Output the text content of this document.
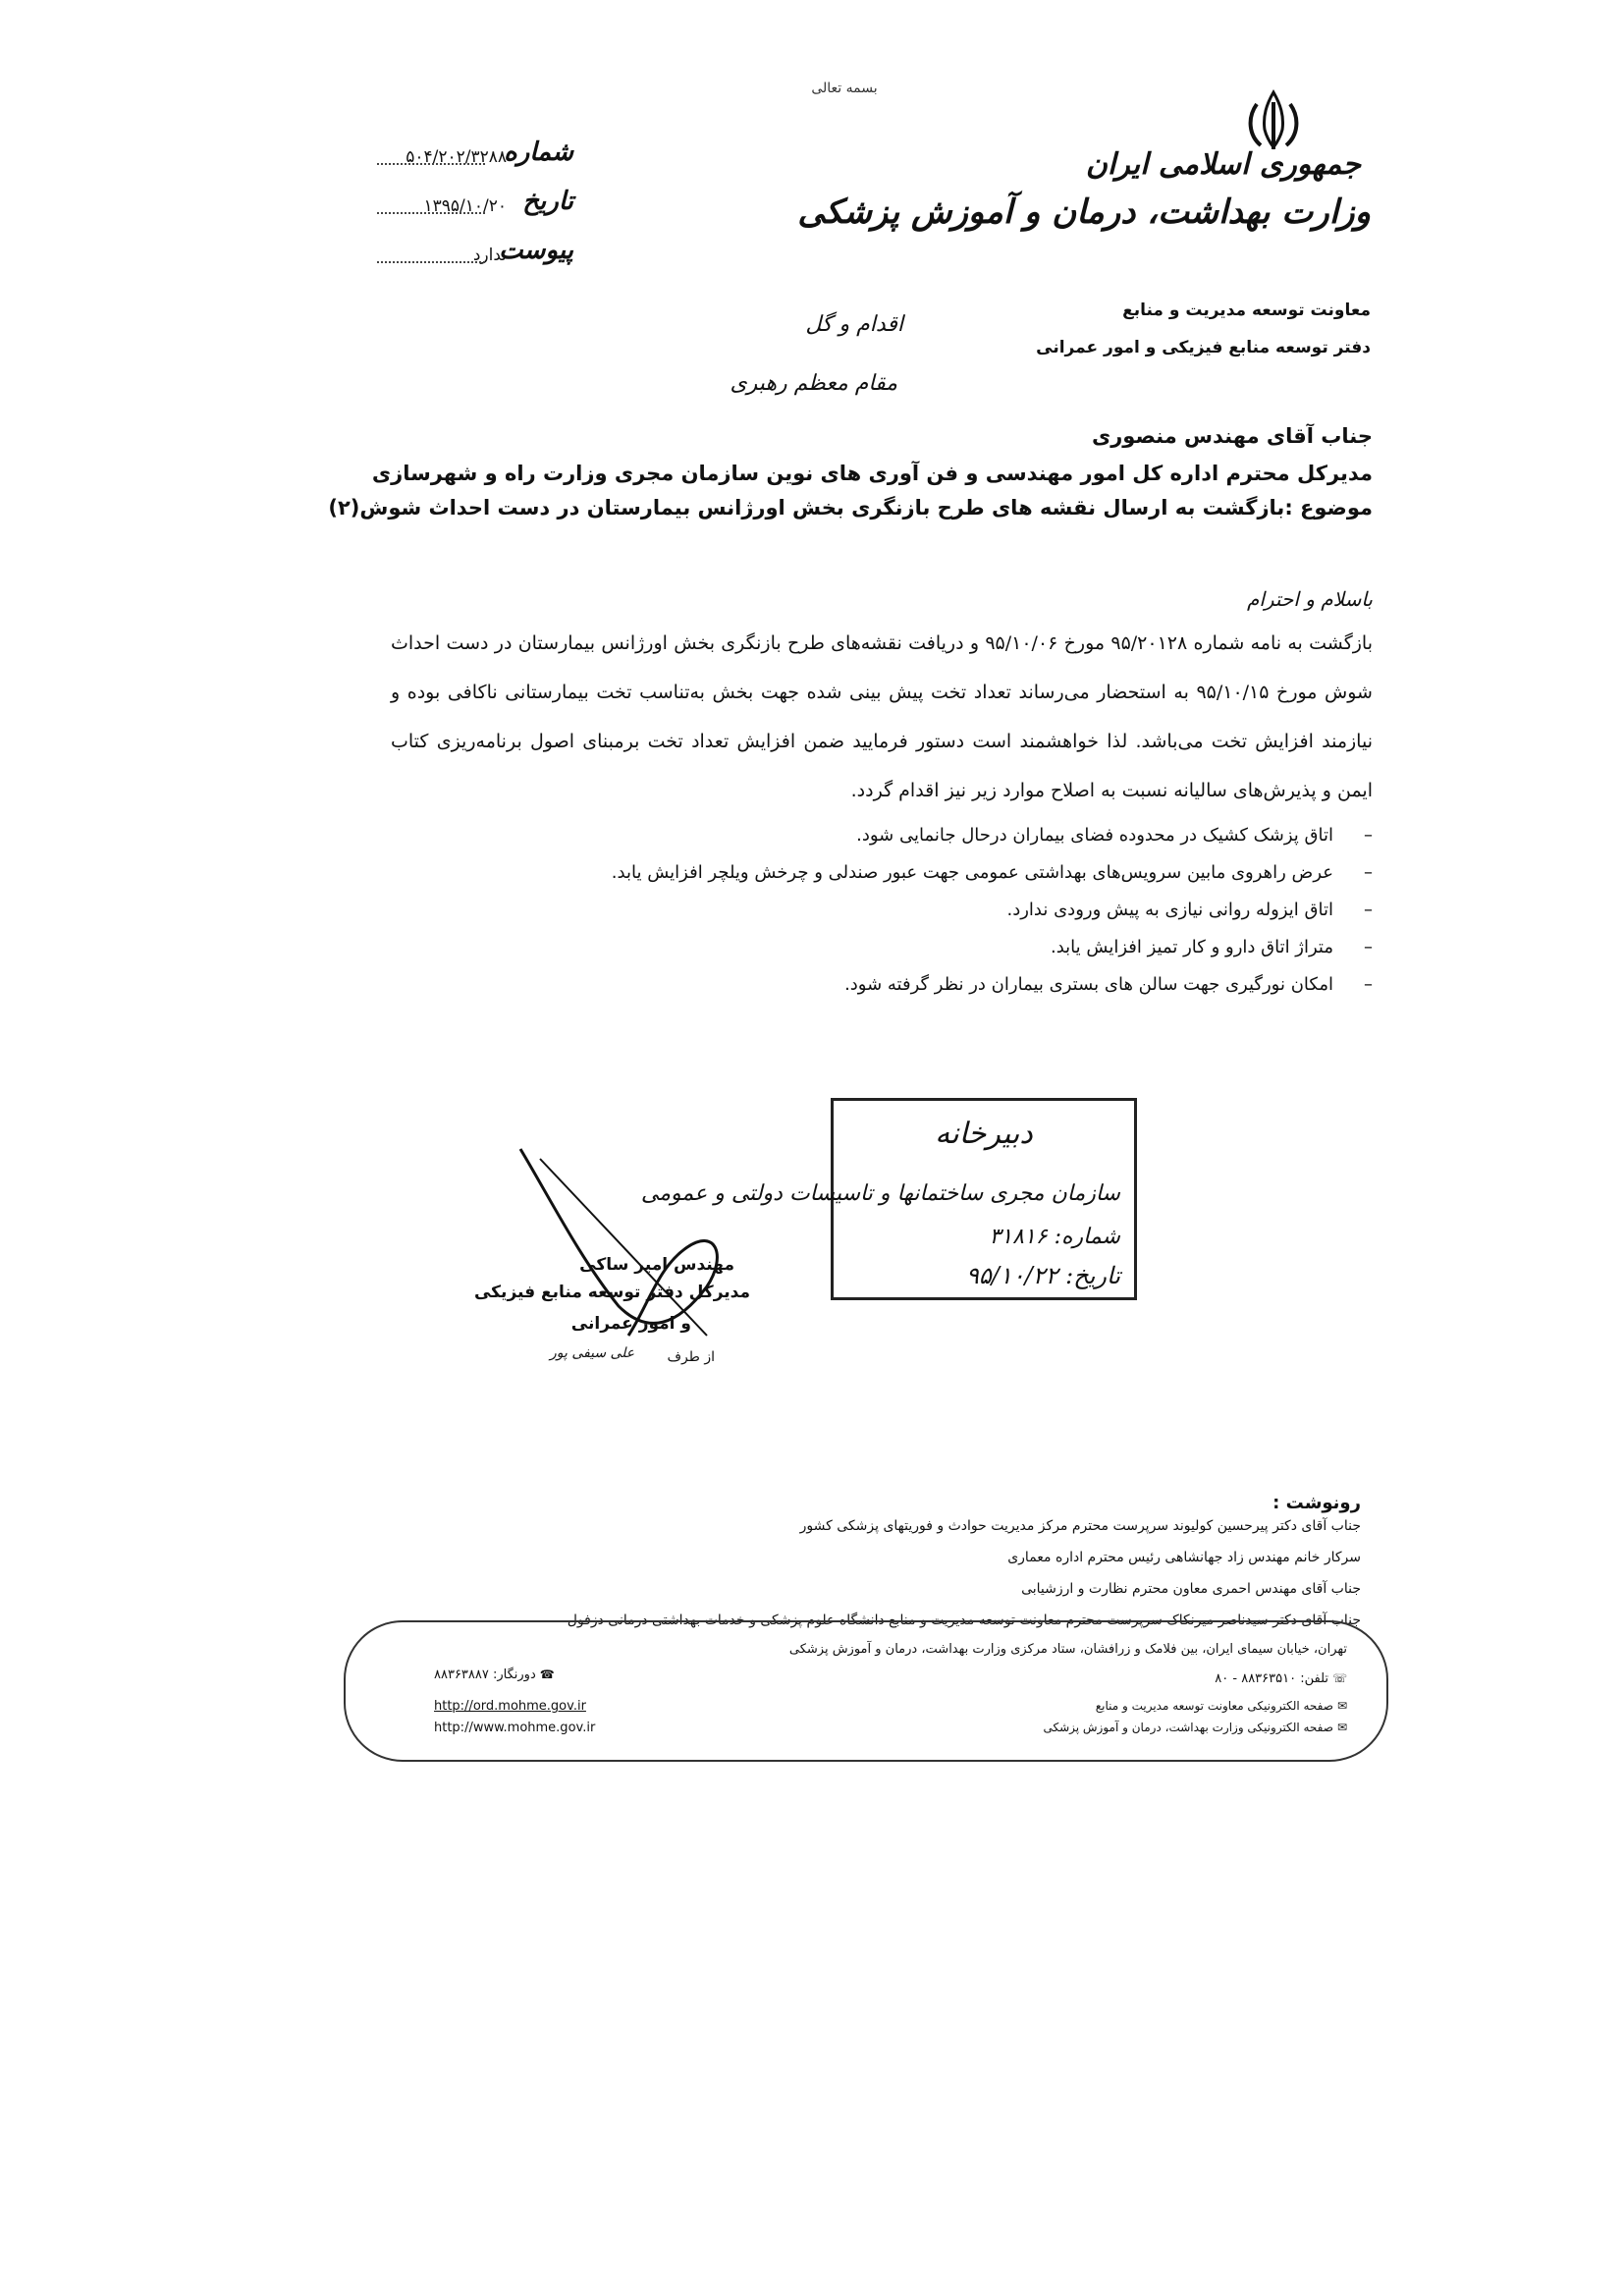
بسمه تعالی
جمهوری اسلامی ایران
وزارت بهداشت، درمان و آموزش پزشکی
معاونت توسعه مدیریت و منابع
دفتر توسعه منابع فیزیکی و امور عمرانی
شماره
۵۰۴/۲۰۲/۳۲۸۸
تاریخ
۱۳۹۵/۱۰/۲۰
پیوست
ندارد
اقدام و گل
مقام معظم رهبری
جناب آقای مهندس منصوری
مدیرکل محترم اداره کل امور مهندسی و فن آوری های نوین سازمان مجری وزارت راه و شهرسازی
موضوع :بازگشت به ارسال نقشه های طرح بازنگری بخش اورژانس بیمارستان در دست احداث شوش(۲)
باسلام و احترام
بازگشت به نامه شماره ۹۵/۲۰۱۲۸ مورخ ۹۵/۱۰/۰۶ و دریافت نقشه‌های طرح بازنگری بخش اورژانس بیمارستان در دست احداث شوش مورخ ۹۵/۱۰/۱۵ به استحضار می‌رساند تعداد تخت پیش بینی شده جهت بخش به‌تناسب تخت بیمارستانی ناکافی بوده و نیازمند افزایش تخت می‌باشد. لذا خواهشمند است دستور فرمایید ضمن افزایش تعداد تخت برمبنای اصول برنامه‌ریزی کتاب ایمن و پذیرش‌های سالیانه نسبت به اصلاح موارد زیر نیز اقدام گردد.
– اتاق پزشک کشیک در محدوده فضای بیماران درحال جانمایی شود.
– عرض راهروی مابین سرویس‌های بهداشتی عمومی جهت عبور صندلی و چرخش ویلچر افزایش یابد.
– اتاق ایزوله روانی نیازی به پیش ورودی ندارد.
– متراژ اتاق دارو و کار تمیز افزایش یابد.
– امکان نورگیری جهت سالن های بستری بیماران در نظر گرفته شود.
دبیرخانه
سازمان مجری ساختمانها و تاسیسات دولتی و عمومی
شماره: ۳۱۸۱۶
تاریخ: ۹۵/۱۰/۲۲
مهندس امیر ساکی
مدیرکل دفتر توسعه منابع فیزیکی
و امور عمرانی
از طرف
علی سیفی پور
رونوشت :
جناب آقای دکتر پیرحسین کولیوند سرپرست محترم مرکز مدیریت حوادث و فوریتهای پزشکی کشور
سرکار خانم مهندس زاد جهانشاهی رئیس محترم اداره معماری
جناب آقای مهندس احمری معاون محترم نظارت و ارزشیابی
جناب آقای دکتر سیدناصر میرنکاک سرپرست محترم معاونت توسعه مدیریت و منابع دانشگاه علوم پزشکی و خدمات بهداشتی درمانی دزفول
تهران، خیابان سیمای ایران، بین فلامک و زرافشان، ستاد مرکزی وزارت بهداشت، درمان و آموزش پزشکی
☏تلفن: ۸۸۳۶۳۵۱۰ - ۸۰
✉صفحه الکترونیکی معاونت توسعه مدیریت و منابع
✉صفحه الکترونیکی وزارت بهداشت، درمان و آموزش پزشکی
☎دورنگار: ۸۸۳۶۳۸۸۷
http://ord.mohme.gov.ir
http://www.mohme.gov.ir
